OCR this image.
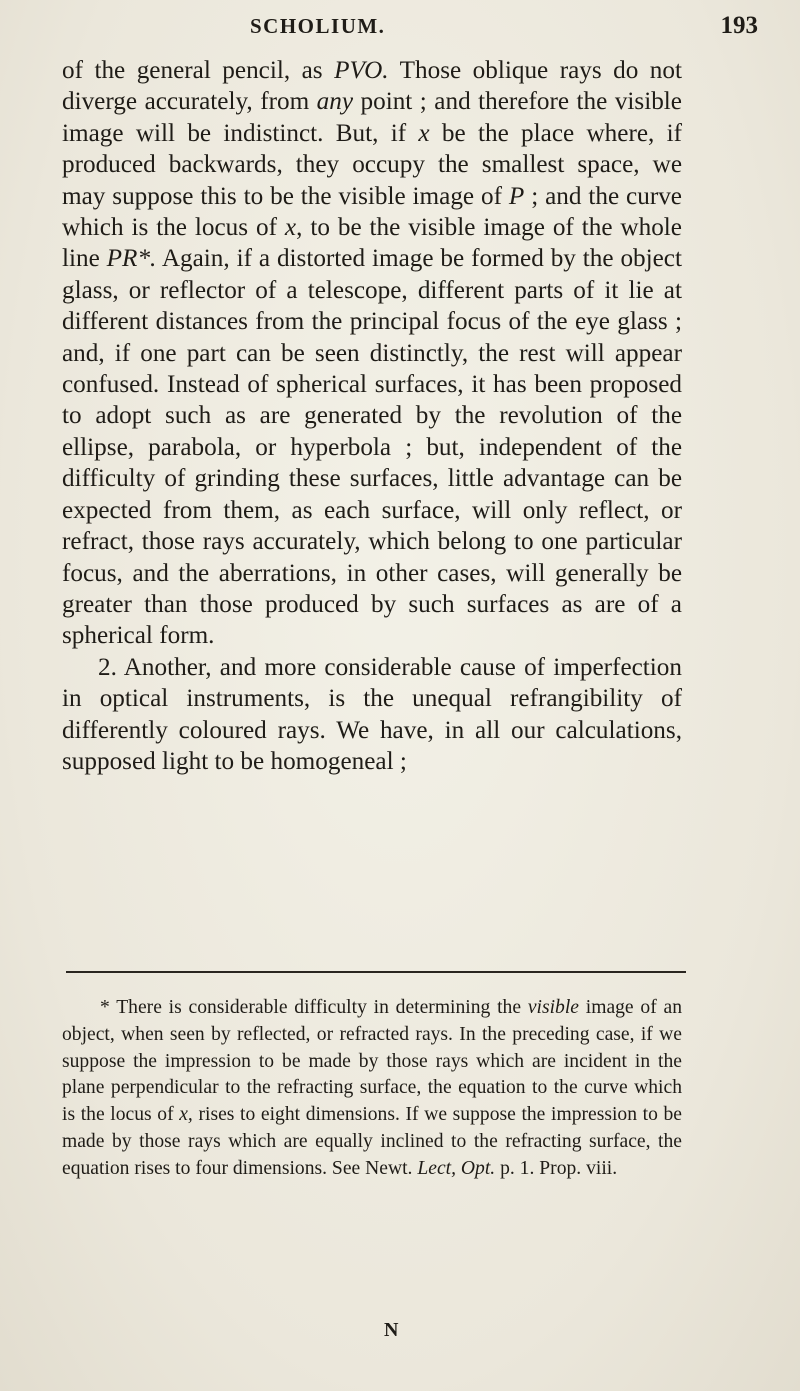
SCHOLIUM.	193

of the general pencil, as PVO. Those oblique rays do not diverge accurately, from any point ; and therefore the visible image will be indistinct. But, if x be the place where, if produced backwards, they occupy the smallest space, we may suppose this to be the visible image of P ; and the curve which is the locus of x, to be the visible image of the whole line PR*. Again, if a distorted image be formed by the object glass, or reflector of a telescope, different parts of it lie at different distances from the principal focus of the eye glass ; and, if one part can be seen distinctly, the rest will appear confused. Instead of spherical surfaces, it has been proposed to adopt such as are generated by the revolution of the ellipse, parabola, or hyperbola ; but, independent of the difficulty of grinding these surfaces, little advantage can be expected from them, as each surface, will only reflect, or refract, those rays accurately, which belong to one particular focus, and the aberrations, in other cases, will generally be greater than those produced by such surfaces as are of a spherical form.

2. Another, and more considerable cause of imperfection in optical instruments, is the unequal refrangibility of differently coloured rays. We have, in all our calculations, supposed light to be homogeneal ;

* There is considerable difficulty in determining the visible image of an object, when seen by reflected, or refracted rays. In the preceding case, if we suppose the impression to be made by those rays which are incident in the plane perpendicular to the refracting surface, the equation to the curve which is the locus of x, rises to eight dimensions. If we suppose the impression to be made by those rays which are equally inclined to the refracting surface, the equation rises to four dimensions. See Newt. Lect, Opt. p. 1. Prop. viii.

N
